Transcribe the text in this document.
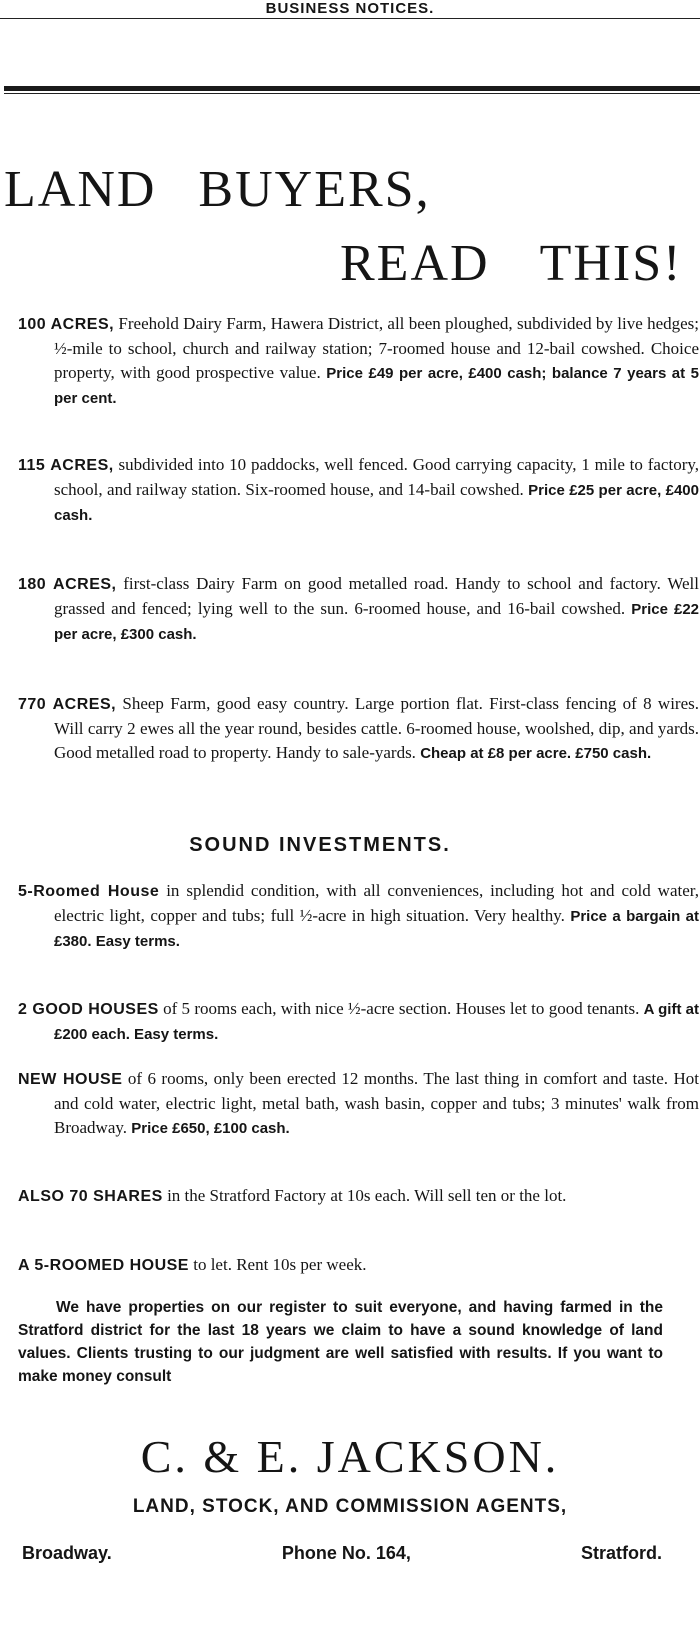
BUSINESS NOTICES.
LAND BUYERS,
READ THIS!
100 ACRES, Freehold Dairy Farm, Hawera District, all been ploughed, subdivided by live hedges; ½-mile to school, church and railway station; 7-roomed house and 12-bail cowshed. Choice property, with good prospective value. Price £49 per acre, £400 cash; balance 7 years at 5 per cent.
115 ACRES, subdivided into 10 paddocks, well fenced. Good carrying capacity, 1 mile to factory, school, and railway station. Six-roomed house, and 14-bail cowshed. Price £25 per acre, £400 cash.
180 ACRES, first-class Dairy Farm on good metalled road. Handy to school and factory. Well grassed and fenced; lying well to the sun. 6-roomed house, and 16-bail cowshed. Price £22 per acre, £300 cash.
770 ACRES, Sheep Farm, good easy country. Large portion flat. First-class fencing of 8 wires. Will carry 2 ewes all the year round, besides cattle. 6-roomed house, woolshed, dip, and yards. Good metalled road to property. Handy to sale-yards. Cheap at £8 per acre. £750 cash.
SOUND INVESTMENTS.
5-Roomed House in splendid condition, with all conveniences, including hot and cold water, electric light, copper and tubs; full ½-acre in high situation. Very healthy. Price a bargain at £380. Easy terms.
2 GOOD HOUSES of 5 rooms each, with nice ½-acre section. Houses let to good tenants. A gift at £200 each. Easy terms.
NEW HOUSE of 6 rooms, only been erected 12 months. The last thing in comfort and taste. Hot and cold water, electric light, metal bath, wash basin, copper and tubs; 3 minutes' walk from Broadway. Price £650, £100 cash.
ALSO 70 SHARES in the Stratford Factory at 10s each. Will sell ten or the lot.
A 5-ROOMED HOUSE to let. Rent 10s per week.
We have properties on our register to suit everyone, and having farmed in the Stratford district for the last 18 years we claim to have a sound knowledge of land values. Clients trusting to our judgment are well satisfied with results. If you want to make money consult
C. & E. JACKSON.
LAND, STOCK, AND COMMISSION AGENTS,
Broadway.	Phone No. 164,	Stratford.
